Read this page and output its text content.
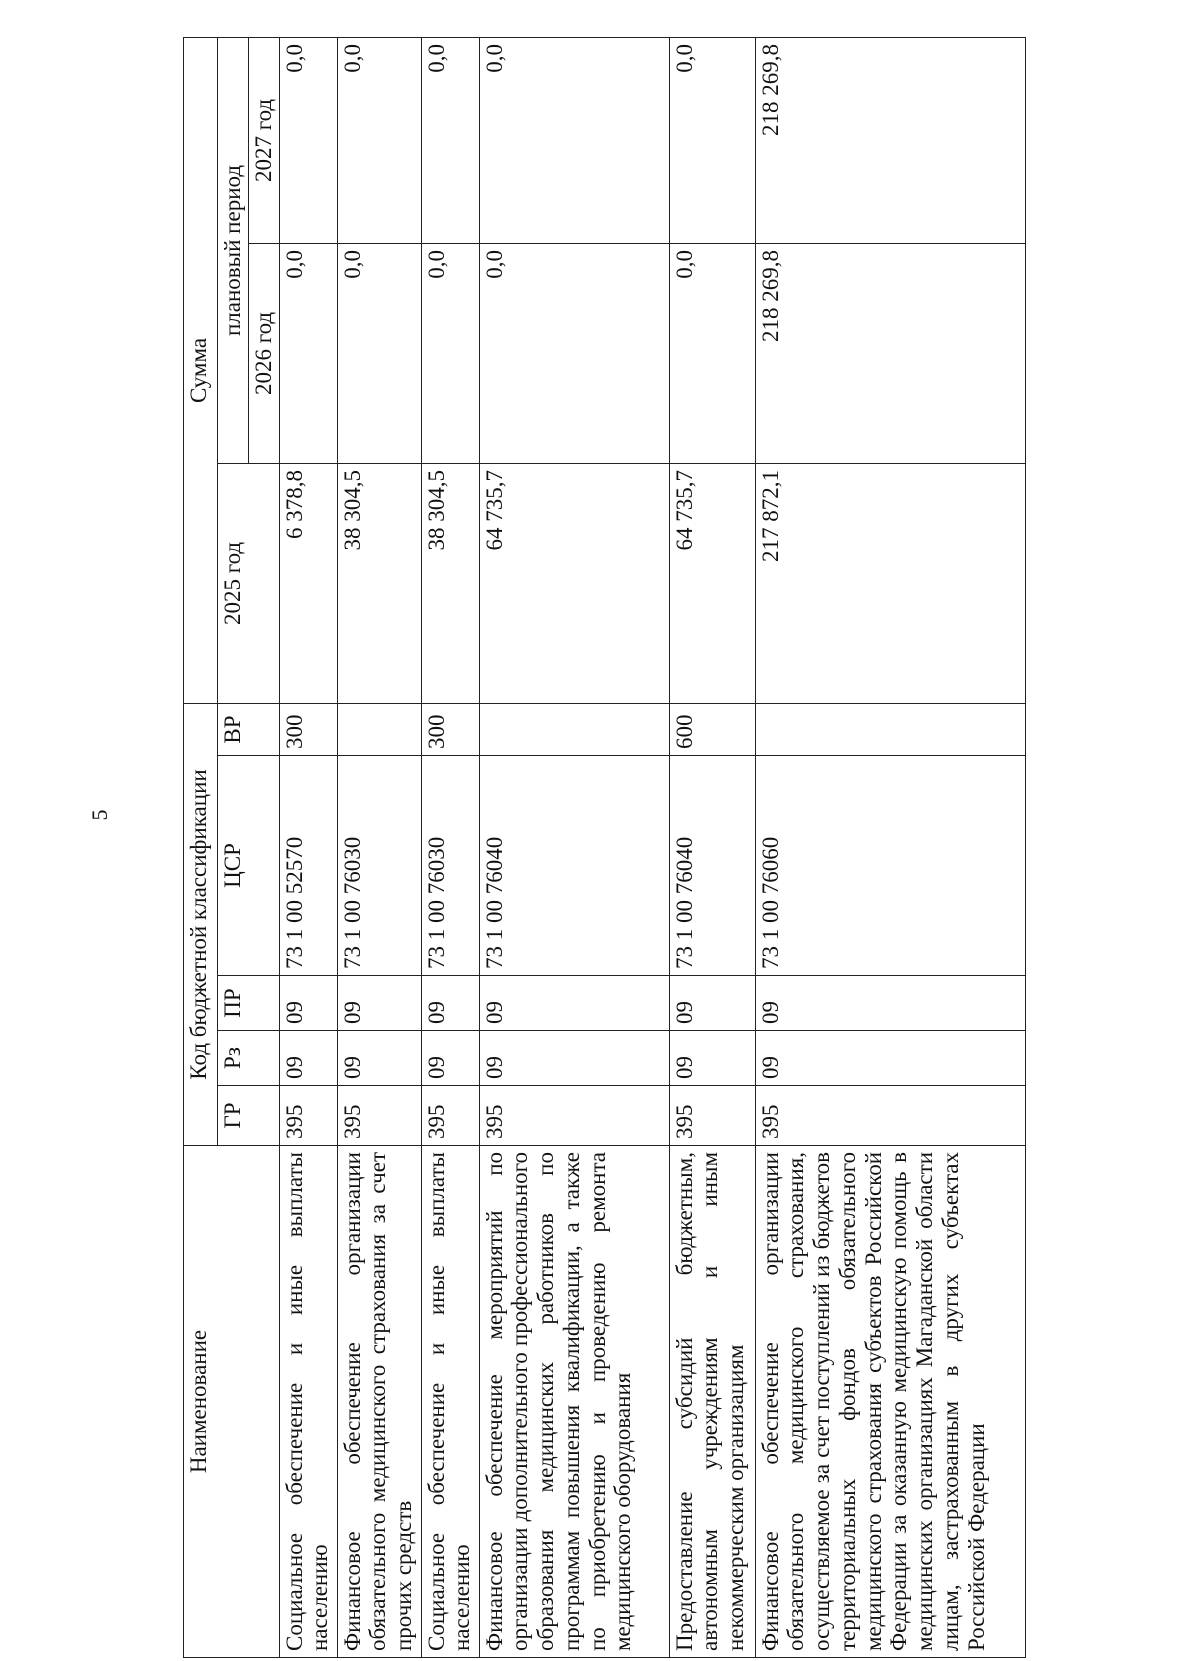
5
Наименование	Код бюджетной классификации					Сумма		
	ГР	Рз	ПР	ЦСР	ВР	2025 год	плановый период	
							2026 год	2027 год
Социальное обеспечение и иные выплаты населению	395	09	09	73 1 00 52570	300	6 378,8	0,0	0,0
Финансовое обеспечение организации обязательного медицинского страхования за счет прочих средств	395	09	09	73 1 00 76030		38 304,5	0,0	0,0
Социальное обеспечение и иные выплаты населению	395	09	09	73 1 00 76030	300	38 304,5	0,0	0,0
Финансовое обеспечение мероприятий по организации дополнительного профессионального образования медицинских работников по программам повышения квалификации, а также по приобретению и проведению ремонта медицинского оборудования	395	09	09	73 1 00 76040		64 735,7	0,0	0,0
Предоставление субсидий бюджетным, автономным учреждениям и иным некоммерческим организациям	395	09	09	73 1 00 76040	600	64 735,7	0,0	0,0
Финансовое обеспечение организации обязательного медицинского страхования, осуществляемое за счет поступлений из бюджетов территориальных фондов обязательного медицинского страхования субъектов Российской Федерации за оказанную медицинскую помощь в медицинских организациях Магаданской области лицам, застрахованным в других субъектах Российской Федерации	395	09	09	73 1 00 76060		217 872,1	218 269,8	218 269,8
